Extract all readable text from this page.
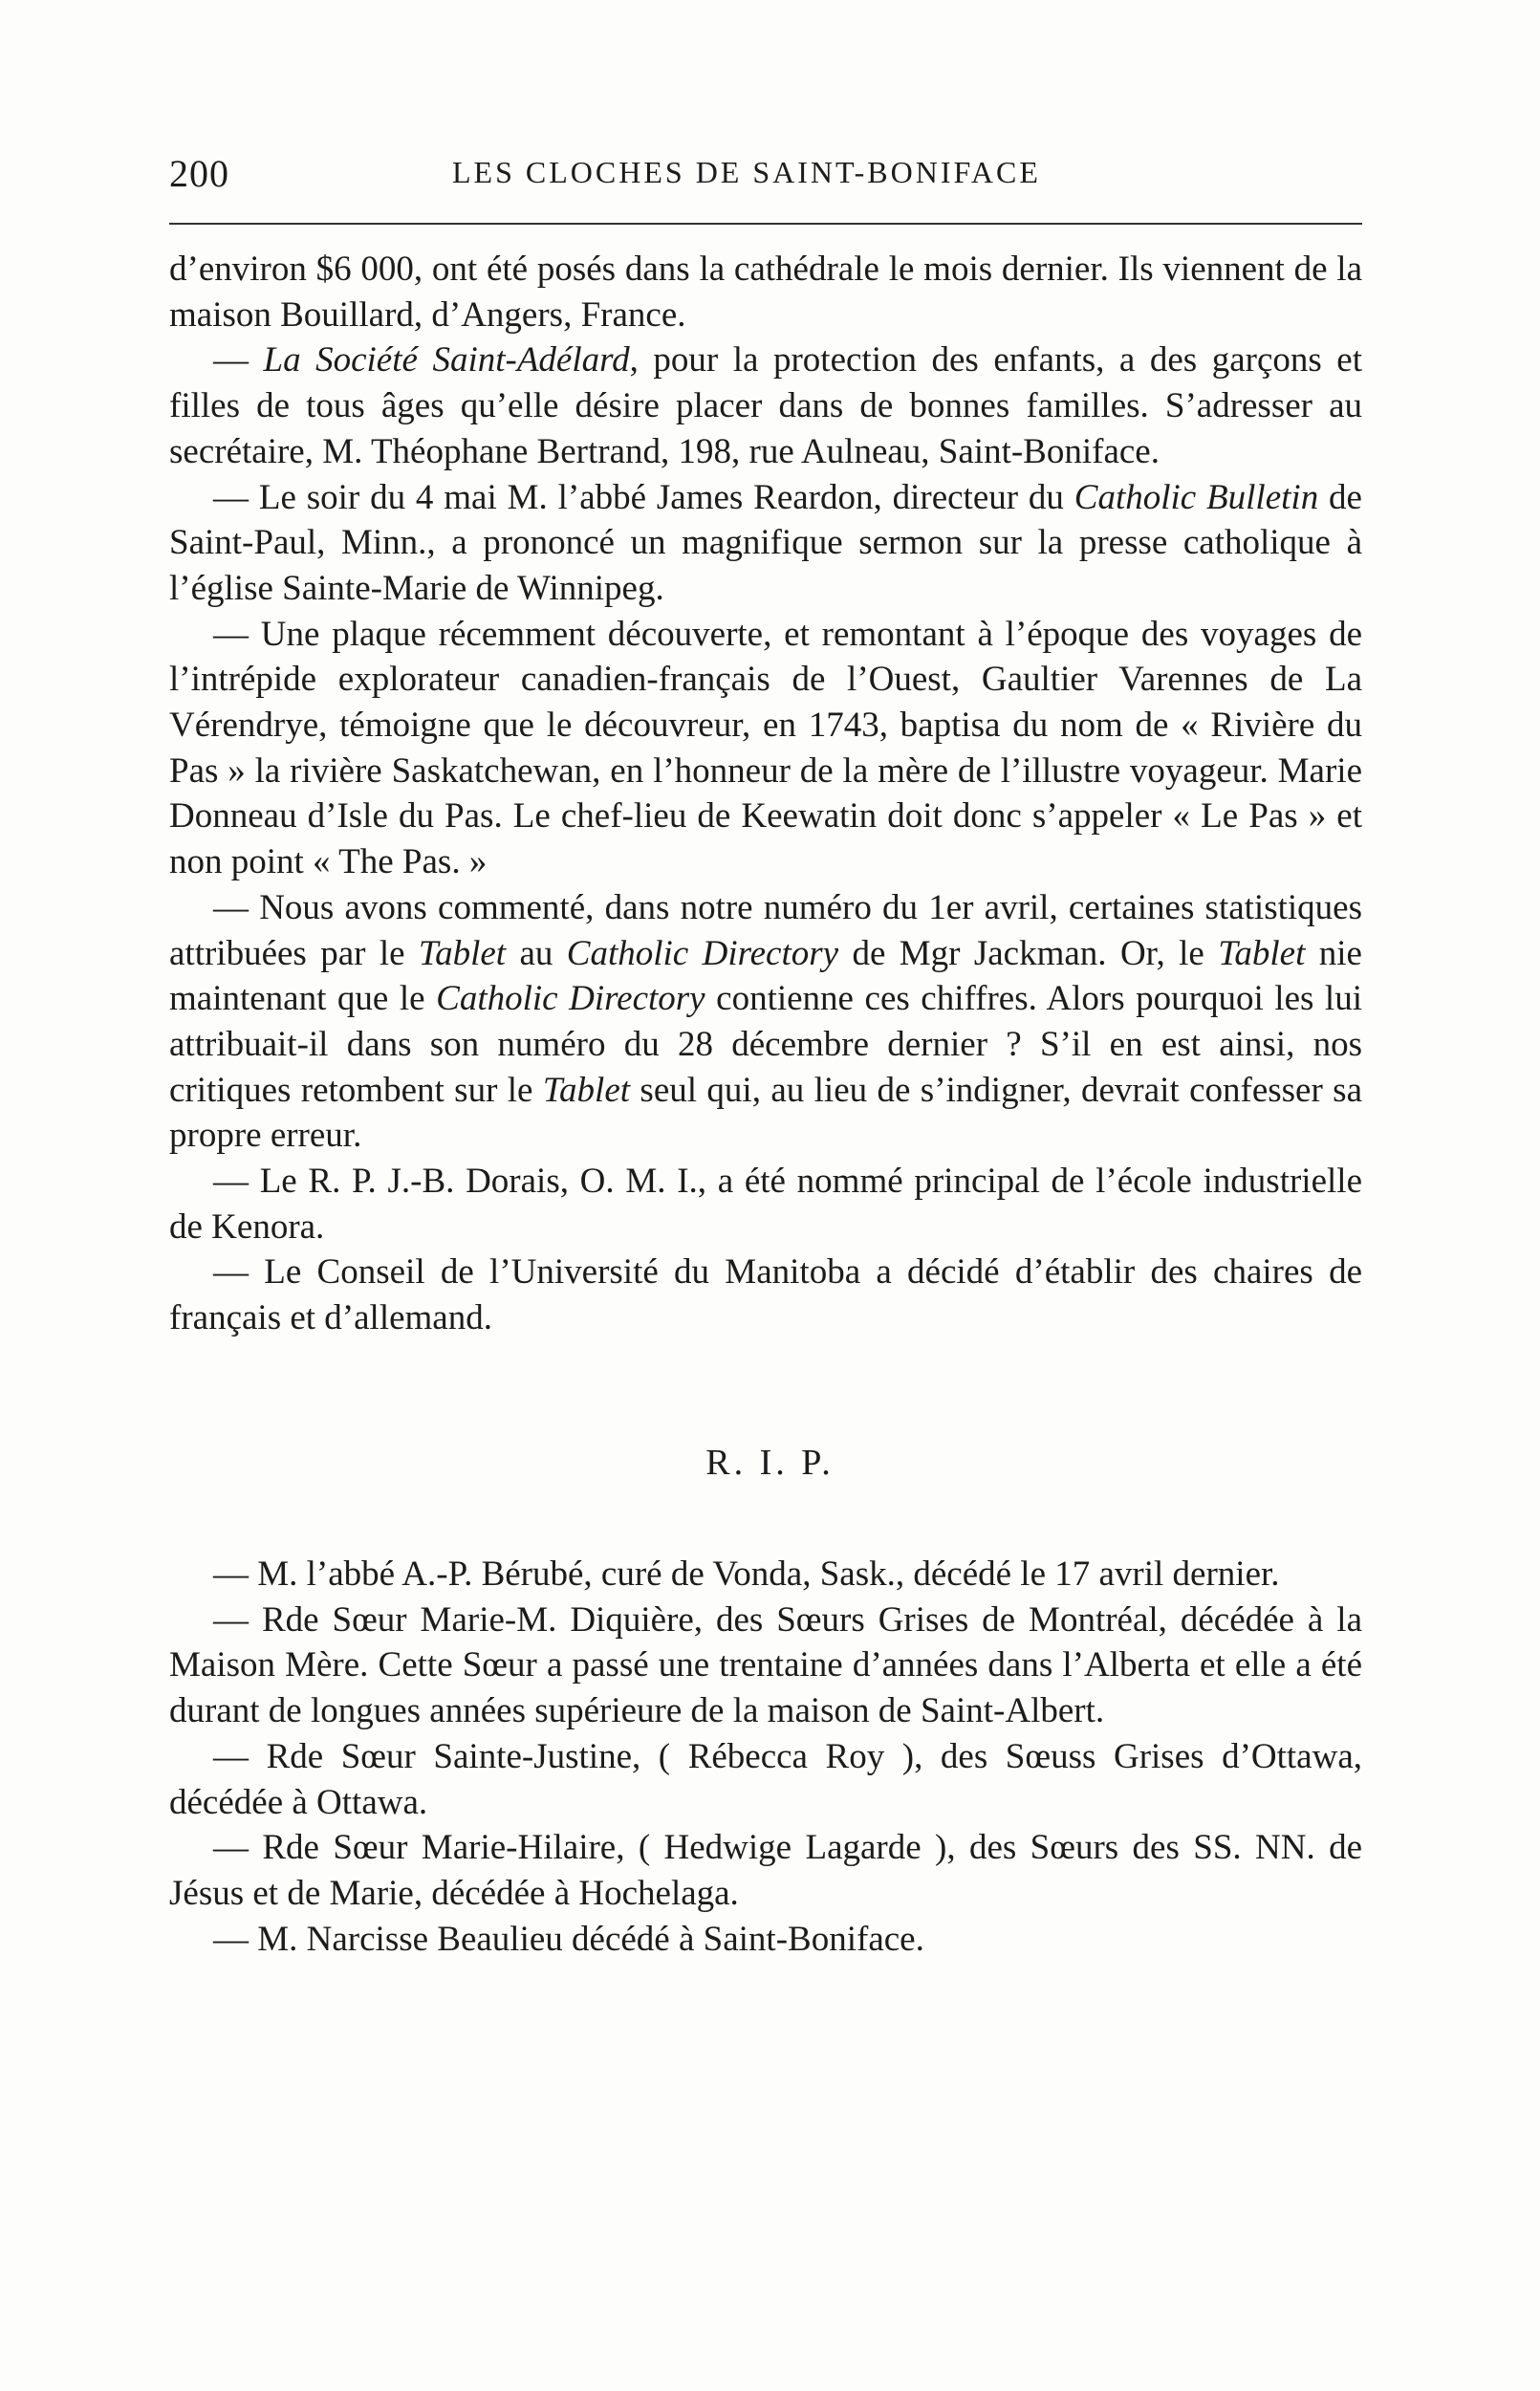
200	LES CLOCHES DE SAINT-BONIFACE

d’environ $6 000, ont été posés dans la cathédrale le mois dernier. Ils viennent de la maison Bouillard, d’Angers, France.

— La Société Saint-Adélard, pour la protection des enfants, a des garçons et filles de tous âges qu’elle désire placer dans de bonnes familles. S’adresser au secrétaire, M. Théophane Bertrand, 198, rue Aulneau, Saint-Boniface.

— Le soir du 4 mai M. l’abbé James Reardon, directeur du Catholic Bulletin de Saint-Paul, Minn., a prononcé un magnifique sermon sur la presse catholique à l’église Sainte-Marie de Winnipeg.

— Une plaque récemment découverte, et remontant à l’époque des voyages de l’intrépide explorateur canadien-français de l’Ouest, Gaultier Varennes de La Vérendrye, témoigne que le découvreur, en 1743, baptisa du nom de « Rivière du Pas » la rivière Saskatchewan, en l’honneur de la mère de l’illustre voyageur. Marie Donneau d’Isle du Pas. Le chef-lieu de Keewatin doit donc s’appeler « Le Pas » et non point « The Pas. »

— Nous avons commenté, dans notre numéro du 1er avril, certaines statistiques attribuées par le Tablet au Catholic Directory de Mgr Jackman. Or, le Tablet nie maintenant que le Catholic Directory contienne ces chiffres. Alors pourquoi les lui attribuait-il dans son numéro du 28 décembre dernier ? S’il en est ainsi, nos critiques retombent sur le Tablet seul qui, au lieu de s’indigner, devrait confesser sa propre erreur.

— Le R. P. J.-B. Dorais, O. M. I., a été nommé principal de l’école industrielle de Kenora.

— Le Conseil de l’Université du Manitoba a décidé d’établir des chaires de français et d’allemand.

R. I. P.

— M. l’abbé A.-P. Bérubé, curé de Vonda, Sask., décédé le 17 avril dernier.

— Rde Sœur Marie-M. Diquière, des Sœurs Grises de Montréal, décédée à la Maison Mère. Cette Sœur a passé une trentaine d’années dans l’Alberta et elle a été durant de longues années supérieure de la maison de Saint-Albert.

— Rde Sœur Sainte-Justine, ( Rébecca Roy ), des Sœuss Grises d’Ottawa, décédée à Ottawa.

— Rde Sœur Marie-Hilaire, ( Hedwige Lagarde ), des Sœurs des SS. NN. de Jésus et de Marie, décédée à Hochelaga.

— M. Narcisse Beaulieu décédé à Saint-Boniface.
